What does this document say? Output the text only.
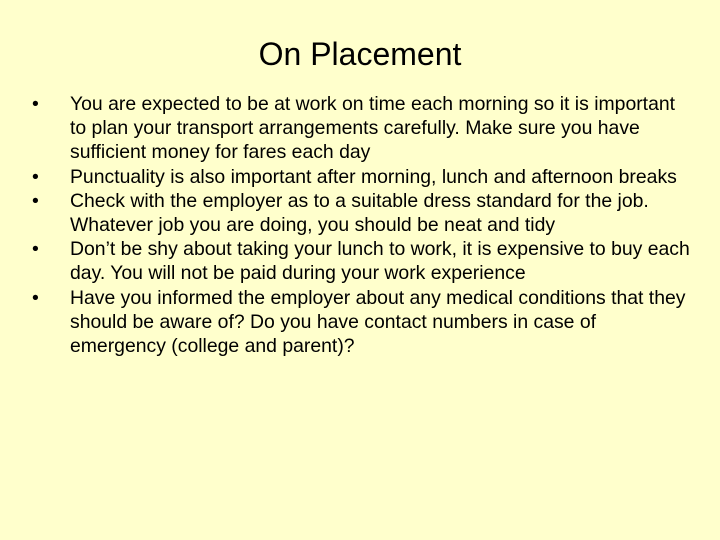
On Placement
•	You are expected to be at work on time each morning so it is important to plan your transport arrangements carefully. Make sure you have sufficient money for fares each day
•	Punctuality is also important after morning, lunch and afternoon breaks
•	Check with the employer as to a suitable dress standard for the job. Whatever job you are doing, you should be neat and tidy
•	Don’t be shy about taking your lunch to work, it is expensive to buy each day. You will not be paid during your work experience
•	Have you informed the employer about any medical conditions that they should be aware of? Do you have contact numbers in case of emergency (college and parent)?
